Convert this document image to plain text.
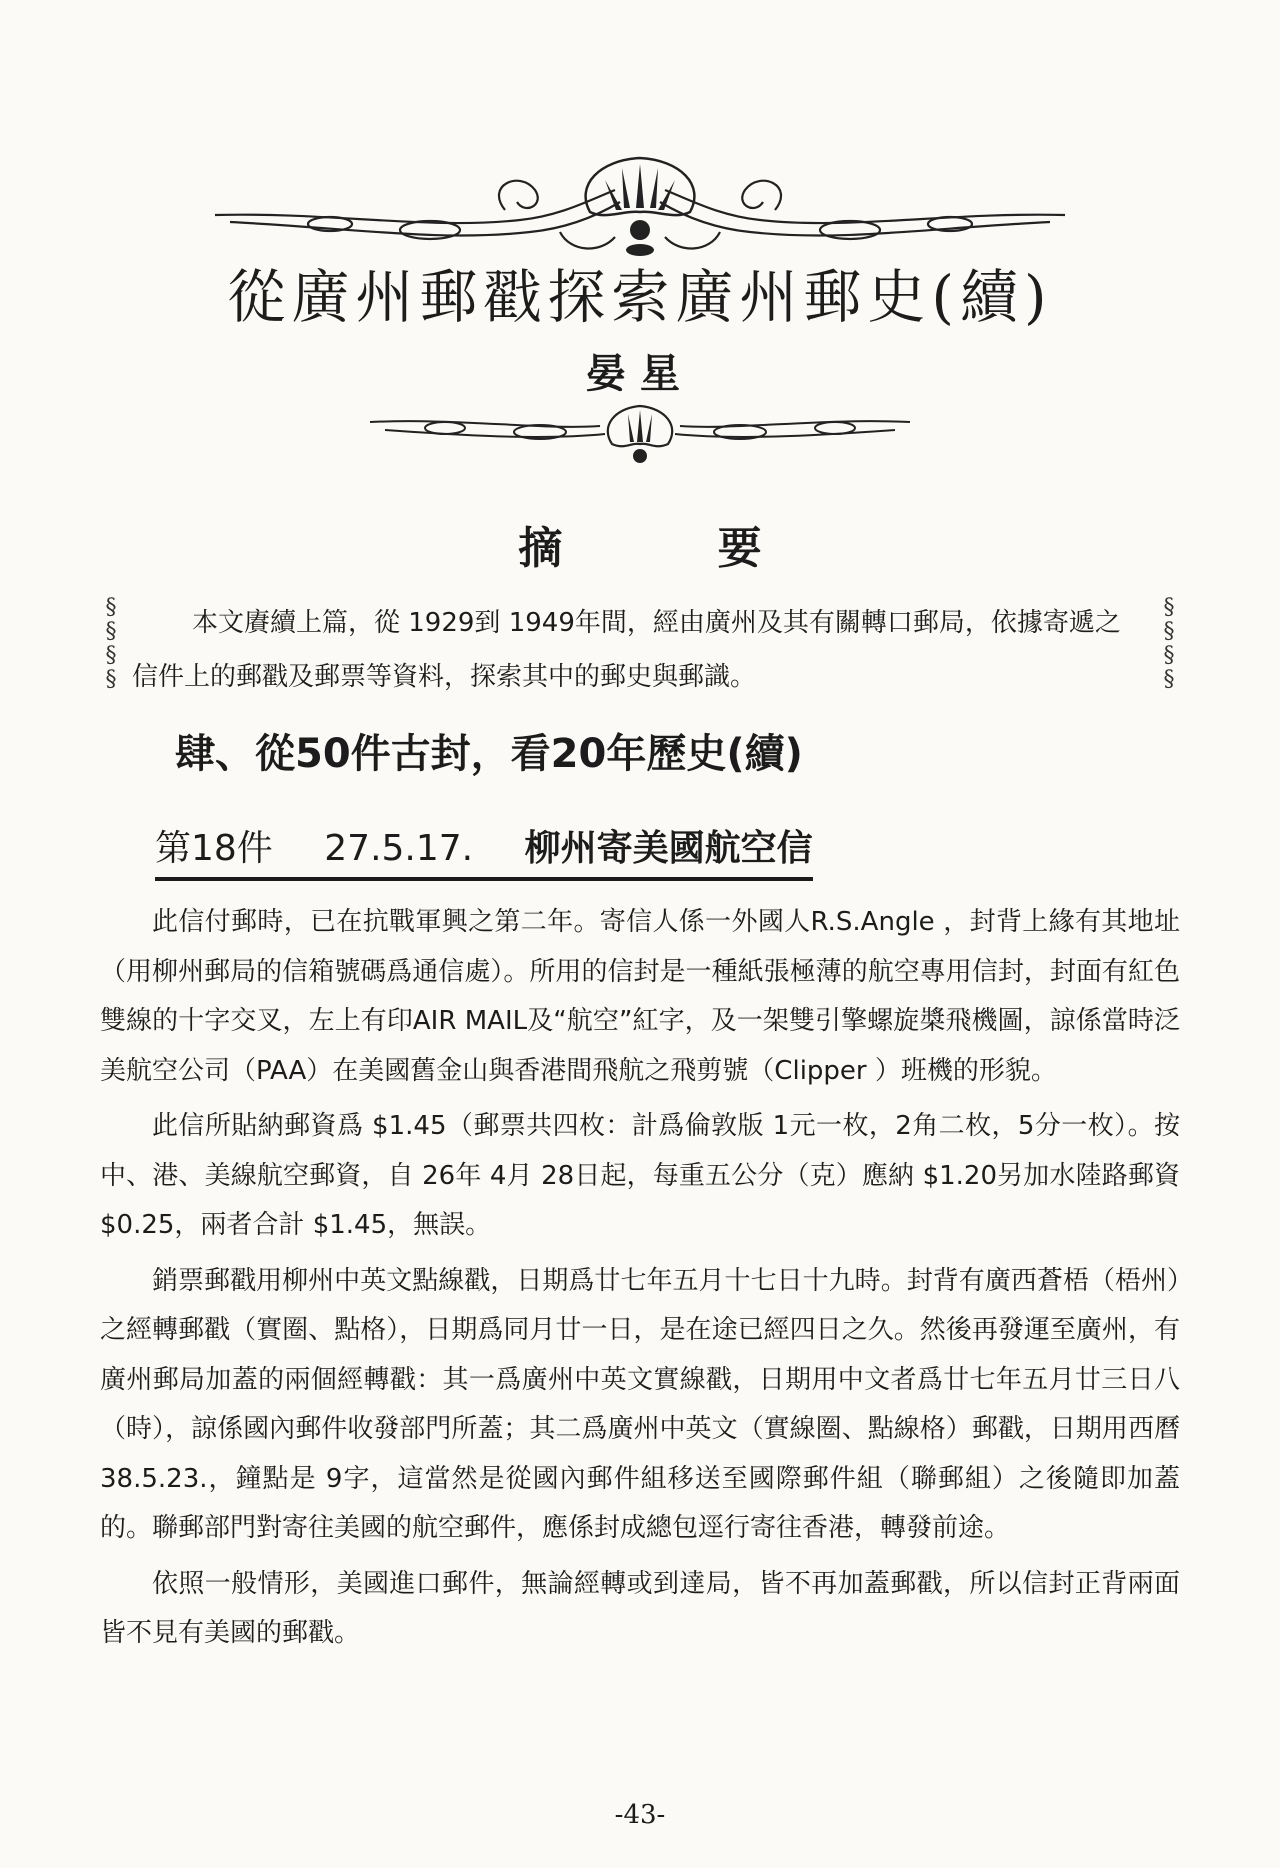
從廣州郵戳探索廣州郵史(續)
晏星
摘 要
§
§
§
§
本文賡續上篇，從 1929到 1949年間，經由廣州及其有關轉口郵局，依據寄遞之信件上的郵戳及郵票等資料，探索其中的郵史與郵識。
§
§
§
§
肆、從50件古封，看20年歷史(續)
第18件 27.5.17. 柳州寄美國航空信

此信付郵時，已在抗戰軍興之第二年。寄信人係一外國人R.S.Angle ，封背上緣有其地址（用柳州郵局的信箱號碼爲通信處）。所用的信封是一種紙張極薄的航空專用信封，封面有紅色雙線的十字交叉，左上有印AIR MAIL及“航空”紅字，及一架雙引擎螺旋槳飛機圖，諒係當時泛美航空公司（PAA）在美國舊金山與香港間飛航之飛剪號（Clipper ）班機的形貌。

此信所貼納郵資爲 $1.45（郵票共四枚：計爲倫敦版 1元一枚，2角二枚，5分一枚）。按中、港、美線航空郵資，自 26年 4月 28日起，每重五公分（克）應納 $1.20另加水陸路郵資 $0.25，兩者合計 $1.45，無誤。

銷票郵戳用柳州中英文點線戳，日期爲廿七年五月十七日十九時。封背有廣西蒼梧（梧州）之經轉郵戳（實圈、點格），日期爲同月廿一日，是在途已經四日之久。然後再發運至廣州，有廣州郵局加蓋的兩個經轉戳：其一爲廣州中英文實線戳，日期用中文者爲廿七年五月廿三日八（時），諒係國內郵件收發部門所蓋；其二爲廣州中英文（實線圈、點線格）郵戳，日期用西曆 38.5.23.，鐘點是 9字，這當然是從國內郵件組移送至國際郵件組（聯郵組）之後隨即加蓋的。聯郵部門對寄往美國的航空郵件，應係封成總包逕行寄往香港，轉發前途。

依照一般情形，美國進口郵件，無論經轉或到達局，皆不再加蓋郵戳，所以信封正背兩面皆不見有美國的郵戳。

-43-
